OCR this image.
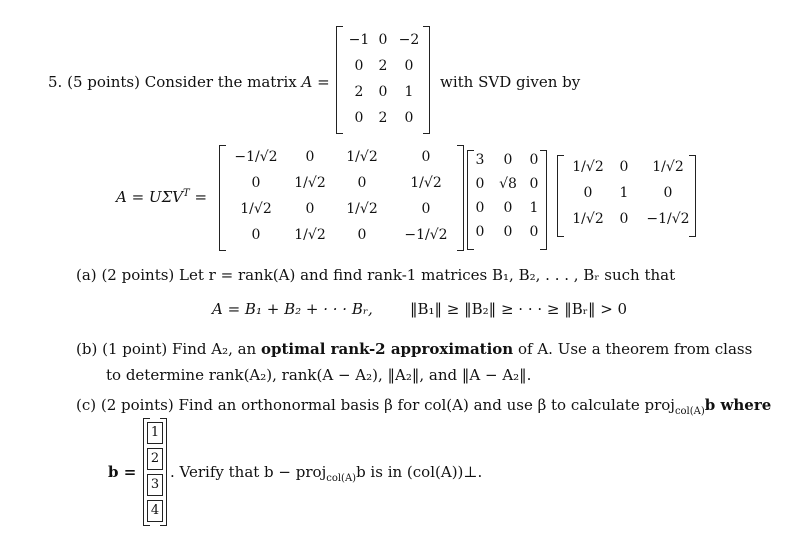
5. (5 points) Consider the matrix A =
−1 0 −2
0 2 0
2 0 1
0 2 0
with SVD given by
$A = U\Sigma V^T$ =
−1/√2 0 1/√2	0
0 1/√2 0	1/√2
1/√2 0 1/√2	0
0 1/√2 0	−1/√2
3 0 0
0 √8 0
0 0 1
0 0 0
1/√2 0 1/√2
0 1	0
1/√2 0 −1/√2
(a) (2 points) Let r = rank(A) and find rank-1 matrices B₁, B₂, . . . , Bᵣ such that
A = B₁ + B₂ + · · · Bᵣ, ‖B₁‖ ≥ ‖B₂‖ ≥ · · · ≥ ‖Bᵣ‖ > 0
(b) (1 point) Find A₂, an optimal rank-2 approximation of A. Use a theorem from class
to determine rank(A₂), rank(A − A₂), ‖A₂‖, and ‖A − A₂‖.
(c) (2 points) Find an orthonormal basis β for col(A) and use β to calculate proj$_{col(A)}$b where
b =
1
2
3
4
. Verify that b − proj$_{col(A)}$b is in (col(A))⊥.
